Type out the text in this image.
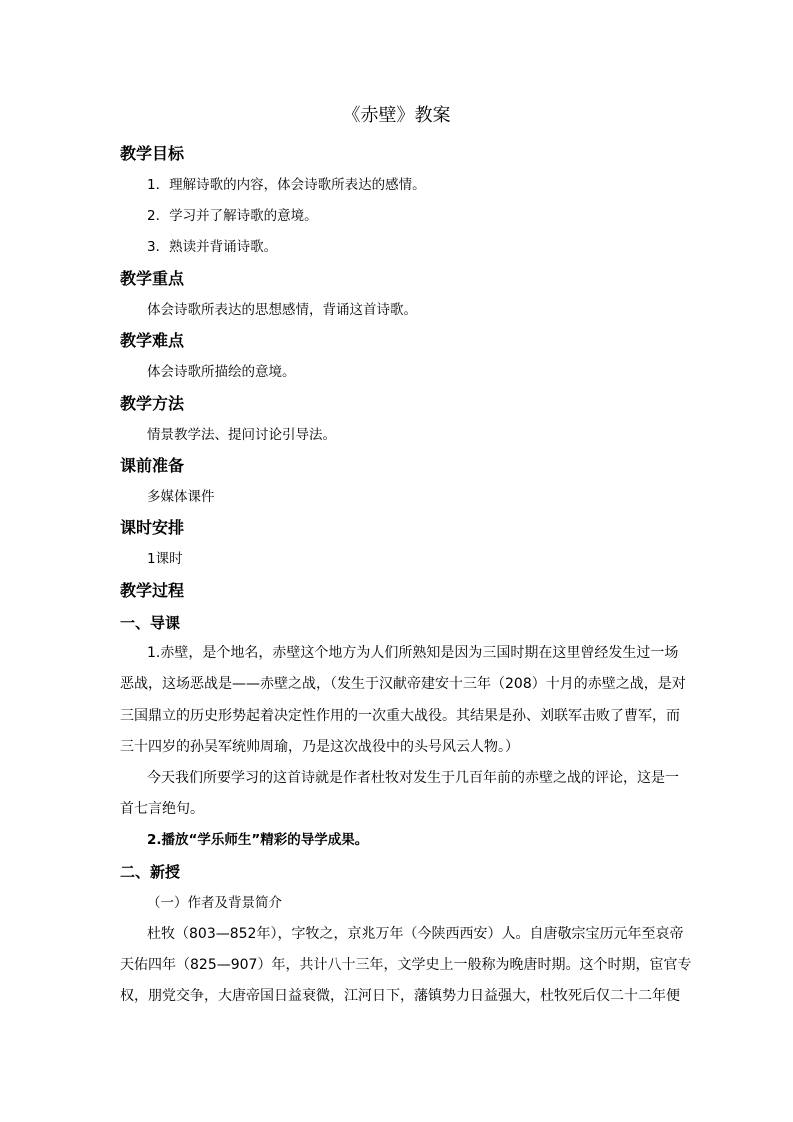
《赤壁》教案
教学目标
1．理解诗歌的内容，体会诗歌所表达的感情。
2．学习并了解诗歌的意境。
3．熟读并背诵诗歌。
教学重点
体会诗歌所表达的思想感情，背诵这首诗歌。
教学难点
体会诗歌所描绘的意境。
教学方法
情景教学法、提问讨论引导法。
课前准备
多媒体课件
课时安排
1课时
教学过程
一、导课
1.赤壁，是个地名，赤壁这个地方为人们所熟知是因为三国时期在这里曾经发生过一场
恶战，这场恶战是——赤壁之战，（发生于汉献帝建安十三年（208）十月的赤壁之战，是对
三国鼎立的历史形势起着决定性作用的一次重大战役。其结果是孙、刘联军击败了曹军，而
三十四岁的孙吴军统帅周瑜，乃是这次战役中的头号风云人物。）
今天我们所要学习的这首诗就是作者杜牧对发生于几百年前的赤壁之战的评论，这是一
首七言绝句。
2.播放“学乐师生”精彩的导学成果。
二、新授
（一）作者及背景简介
杜牧（803—852年），字牧之，京兆万年（今陕西西安）人。自唐敬宗宝历元年至哀帝
天佑四年（825—907）年，共计八十三年，文学史上一般称为晚唐时期。这个时期，宦官专
权，朋党交争，大唐帝国日益衰微，江河日下，藩镇势力日益强大，杜牧死后仅二十二年便
